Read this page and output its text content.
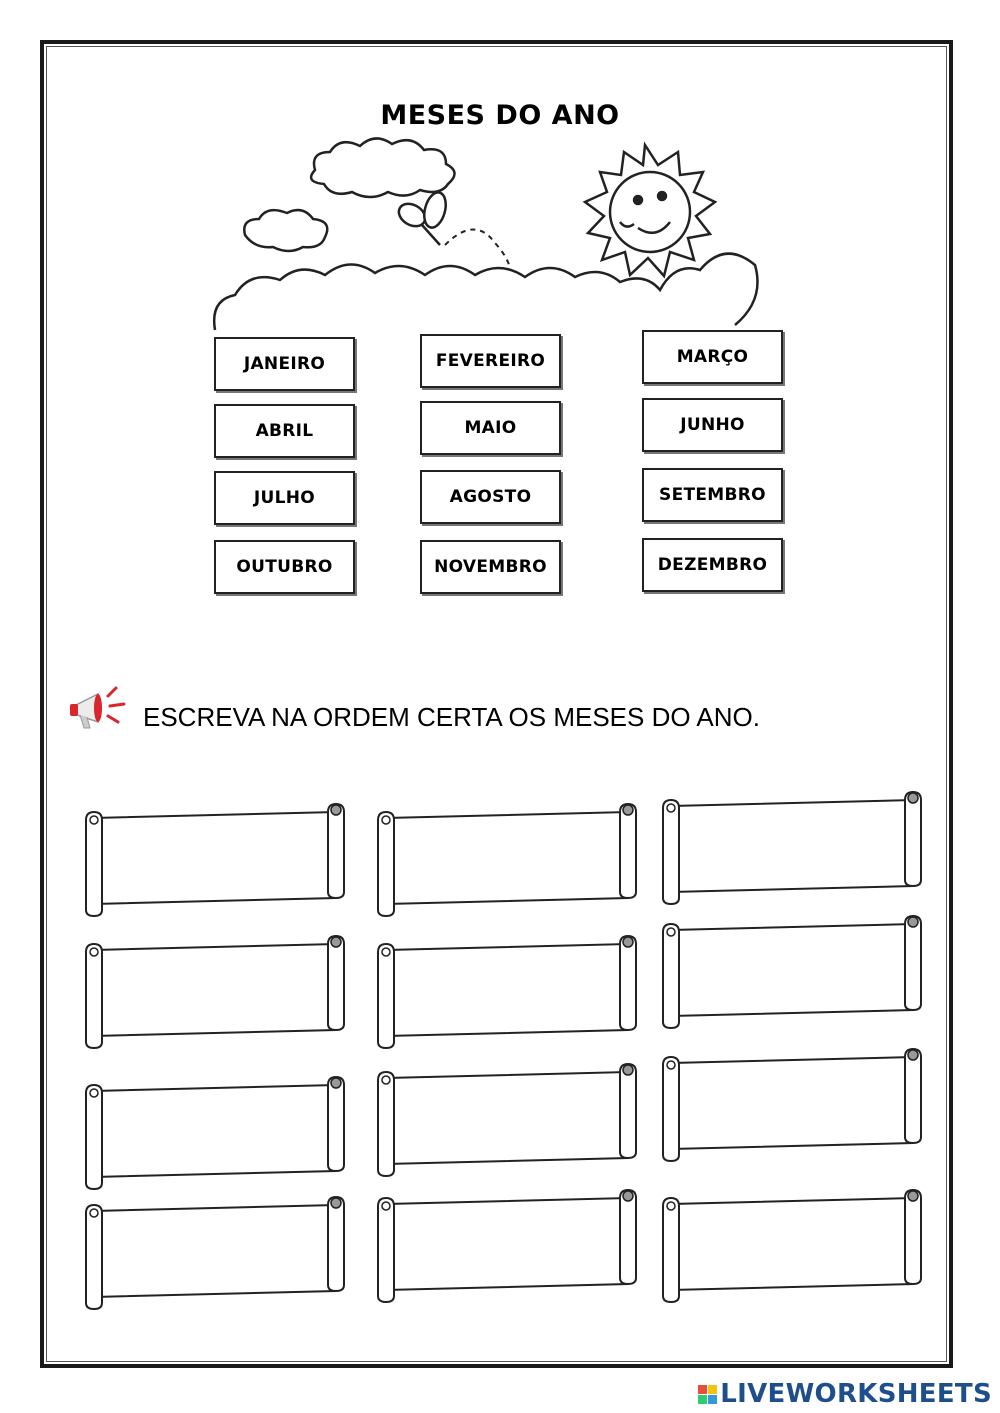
MESES DO ANO
JANEIRO	FEVEREIRO	MARÇO
ABRIL	MAIO	JUNHO
JULHO	AGOSTO	SETEMBRO
OUTUBRO	NOVEMBRO	DEZEMBRO

ESCREVA NA ORDEM CERTA OS MESES DO ANO.

LIVEWORKSHEETS
